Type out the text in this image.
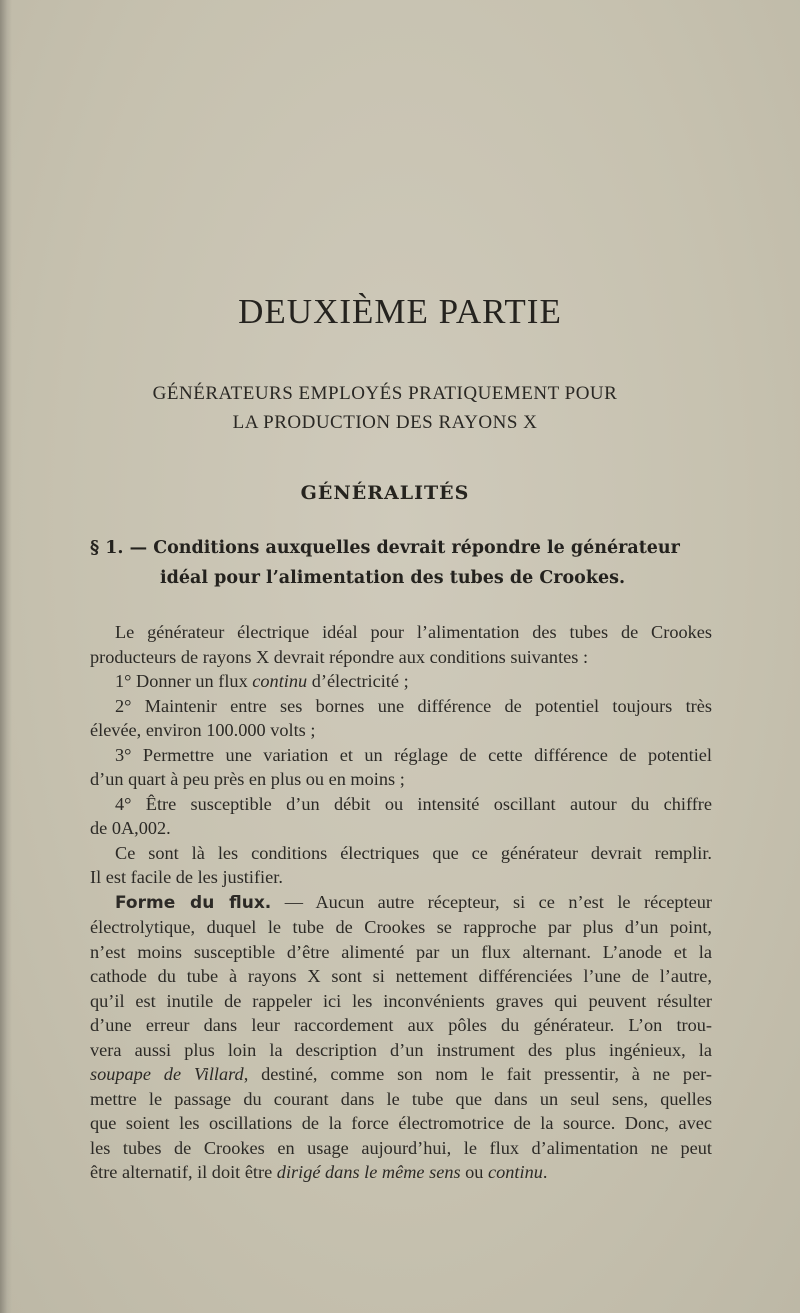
DEUXIÈME PARTIE
GÉNÉRATEURS EMPLOYÉS PRATIQUEMENT POUR
LA PRODUCTION DES RAYONS X
GÉNÉRALITÉS
§ 1. — Conditions auxquelles devrait répondre le générateur
idéal pour l’alimentation des tubes de Crookes.
Le générateur électrique idéal pour l’alimentation des tubes de Crookes
producteurs de rayons X devrait répondre aux conditions suivantes :
1° Donner un flux continu d’électricité ;
2° Maintenir entre ses bornes une différence de potentiel toujours très
élevée, environ 100.000 volts ;
3° Permettre une variation et un réglage de cette différence de potentiel
d’un quart à peu près en plus ou en moins ;
4° Être susceptible d’un débit ou intensité oscillant autour du chiffre
de 0A,002.
Ce sont là les conditions électriques que ce générateur devrait remplir.
Il est facile de les justifier.
Forme du flux. — Aucun autre récepteur, si ce n’est le récepteur
électrolytique, duquel le tube de Crookes se rapproche par plus d’un point,
n’est moins susceptible d’être alimenté par un flux alternant. L’anode et la
cathode du tube à rayons X sont si nettement différenciées l’une de l’autre,
qu’il est inutile de rappeler ici les inconvénients graves qui peuvent résulter
d’une erreur dans leur raccordement aux pôles du générateur. L’on trou-
vera aussi plus loin la description d’un instrument des plus ingénieux, la
soupape de Villard, destiné, comme son nom le fait pressentir, à ne per-
mettre le passage du courant dans le tube que dans un seul sens, quelles
que soient les oscillations de la force électromotrice de la source. Donc, avec
les tubes de Crookes en usage aujourd’hui, le flux d’alimentation ne peut
être alternatif, il doit être dirigé dans le même sens ou continu.
